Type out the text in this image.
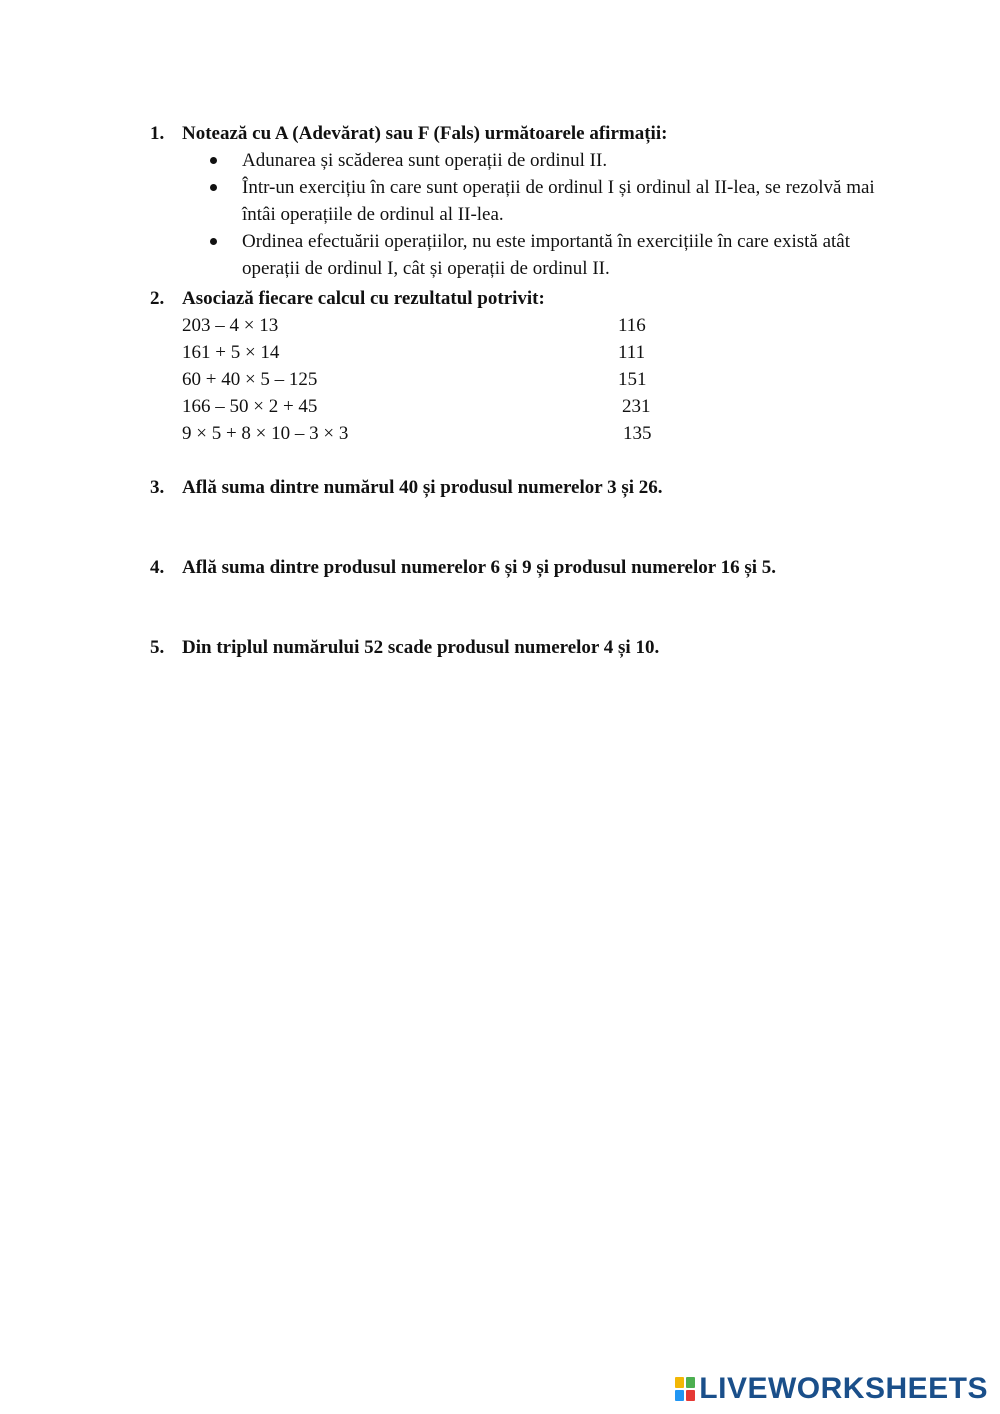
1. Notează cu A (Adevărat) sau F (Fals) următoarele afirmații:
Adunarea și scăderea sunt operații de ordinul II.
Într-un exercițiu în care sunt operații de ordinul I și ordinul al II-lea, se rezolvă mai întâi operațiile de ordinul al II-lea.
Ordinea efectuării operațiilor, nu este importantă în exercițiile în care există atât operații de ordinul I, cât și operații de ordinul II.
2. Asociază fiecare calcul cu rezultatul potrivit:
203 – 4 × 13	116
161 + 5 × 14	111
60 + 40 × 5 – 125	151
166 – 50 × 2 + 45	231
9 × 5 + 8 × 10 – 3 × 3	135
3. Află suma dintre numărul 40 și produsul numerelor 3 și 26.
4. Află suma dintre produsul numerelor 6 și 9 și produsul numerelor 16 și 5.
5. Din triplul numărului 52 scade produsul numerelor 4 și 10.
LIVEWORKSHEETS
